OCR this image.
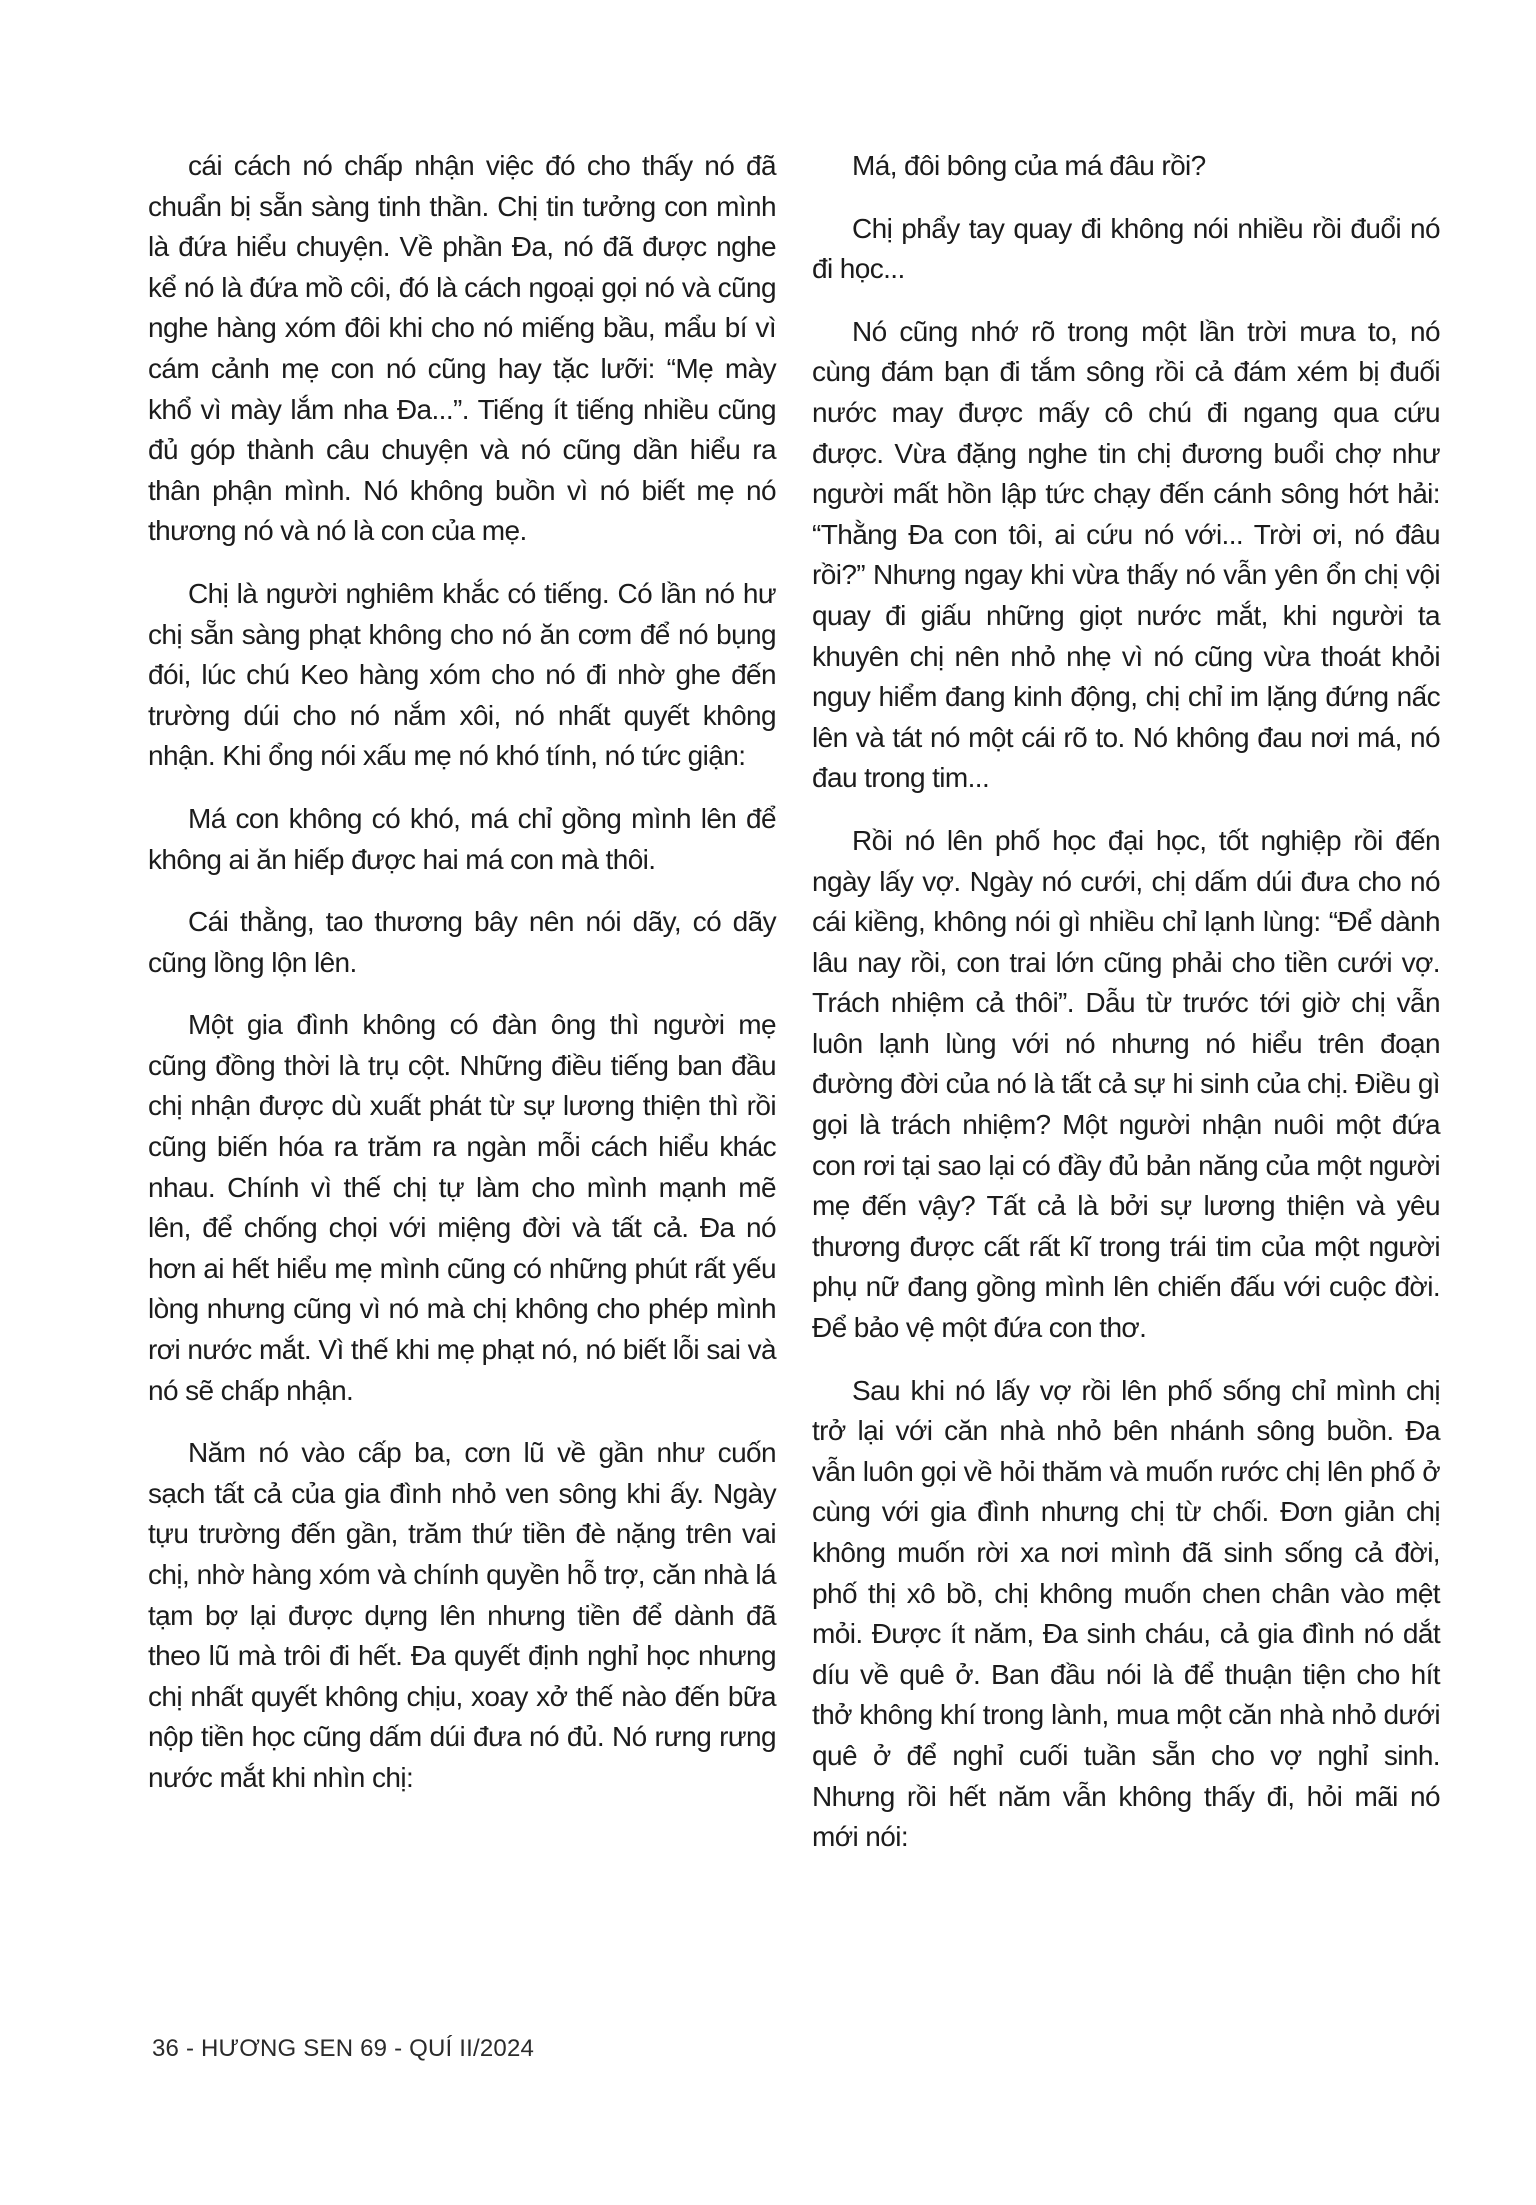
cái cách nó chấp nhận việc đó cho thấy nó đã chuẩn bị sẵn sàng tinh thần. Chị tin tưởng con mình là đứa hiểu chuyện. Về phần Đa, nó đã được nghe kể nó là đứa mồ côi, đó là cách ngoại gọi nó và cũng nghe hàng xóm đôi khi cho nó miếng bầu, mẩu bí vì cám cảnh mẹ con nó cũng hay tặc lưỡi: “Mẹ mày khổ vì mày lắm nha Đa...”. Tiếng ít tiếng nhiều cũng đủ góp thành câu chuyện và nó cũng dần hiểu ra thân phận mình. Nó không buồn vì nó biết mẹ nó thương nó và nó là con của mẹ.

Chị là người nghiêm khắc có tiếng. Có lần nó hư chị sẵn sàng phạt không cho nó ăn cơm để nó bụng đói, lúc chú Keo hàng xóm cho nó đi nhờ ghe đến trường dúi cho nó nắm xôi, nó nhất quyết không nhận. Khi ổng nói xấu mẹ nó khó tính, nó tức giận:

Má con không có khó, má chỉ gồng mình lên để không ai ăn hiếp được hai má con mà thôi.

Cái thằng, tao thương bây nên nói dãy, có dãy cũng lồng lộn lên.

Một gia đình không có đàn ông thì người mẹ cũng đồng thời là trụ cột. Những điều tiếng ban đầu chị nhận được dù xuất phát từ sự lương thiện thì rồi cũng biến hóa ra trăm ra ngàn mỗi cách hiểu khác nhau. Chính vì thế chị tự làm cho mình mạnh mẽ lên, để chống chọi với miệng đời và tất cả. Đa nó hơn ai hết hiểu mẹ mình cũng có những phút rất yếu lòng nhưng cũng vì nó mà chị không cho phép mình rơi nước mắt. Vì thế khi mẹ phạt nó, nó biết lỗi sai và nó sẽ chấp nhận.

Năm nó vào cấp ba, cơn lũ về gần như cuốn sạch tất cả của gia đình nhỏ ven sông khi ấy. Ngày tựu trường đến gần, trăm thứ tiền đè nặng trên vai chị, nhờ hàng xóm và chính quyền hỗ trợ, căn nhà lá tạm bợ lại được dựng lên nhưng tiền để dành đã theo lũ mà trôi đi hết. Đa quyết định nghỉ học nhưng chị nhất quyết không chịu, xoay xở thế nào đến bữa nộp tiền học cũng dấm dúi đưa nó đủ. Nó rưng rưng nước mắt khi nhìn chị:

Má, đôi bông của má đâu rồi?

Chị phẩy tay quay đi không nói nhiều rồi đuổi nó đi học...

Nó cũng nhớ rõ trong một lần trời mưa to, nó cùng đám bạn đi tắm sông rồi cả đám xém bị đuối nước may được mấy cô chú đi ngang qua cứu được. Vừa đặng nghe tin chị đương buổi chợ như người mất hồn lập tức chạy đến cánh sông hớt hải: “Thằng Đa con tôi, ai cứu nó với... Trời ơi, nó đâu rồi?” Nhưng ngay khi vừa thấy nó vẫn yên ổn chị vội quay đi giấu những giọt nước mắt, khi người ta khuyên chị nên nhỏ nhẹ vì nó cũng vừa thoát khỏi nguy hiểm đang kinh động, chị chỉ im lặng đứng nấc lên và tát nó một cái rõ to. Nó không đau nơi má, nó đau trong tim...

Rồi nó lên phố học đại học, tốt nghiệp rồi đến ngày lấy vợ. Ngày nó cưới, chị dấm dúi đưa cho nó cái kiềng, không nói gì nhiều chỉ lạnh lùng: “Để dành lâu nay rồi, con trai lớn cũng phải cho tiền cưới vợ. Trách nhiệm cả thôi”. Dẫu từ trước tới giờ chị vẫn luôn lạnh lùng với nó nhưng nó hiểu trên đoạn đường đời của nó là tất cả sự hi sinh của chị. Điều gì gọi là trách nhiệm? Một người nhận nuôi một đứa con rơi tại sao lại có đầy đủ bản năng của một người mẹ đến vậy? Tất cả là bởi sự lương thiện và yêu thương được cất rất kĩ trong trái tim của một người phụ nữ đang gồng mình lên chiến đấu với cuộc đời. Để bảo vệ một đứa con thơ.

Sau khi nó lấy vợ rồi lên phố sống chỉ mình chị trở lại với căn nhà nhỏ bên nhánh sông buồn. Đa vẫn luôn gọi về hỏi thăm và muốn rước chị lên phố ở cùng với gia đình nhưng chị từ chối. Đơn giản chị không muốn rời xa nơi mình đã sinh sống cả đời, phố thị xô bồ, chị không muốn chen chân vào mệt mỏi. Được ít năm, Đa sinh cháu, cả gia đình nó dắt díu về quê ở. Ban đầu nói là để thuận tiện cho hít thở không khí trong lành, mua một căn nhà nhỏ dưới quê ở để nghỉ cuối tuần sẵn cho vợ nghỉ sinh. Nhưng rồi hết năm vẫn không thấy đi, hỏi mãi nó mới nói:

36 - HƯƠNG SEN 69 - QUÍ II/2024
